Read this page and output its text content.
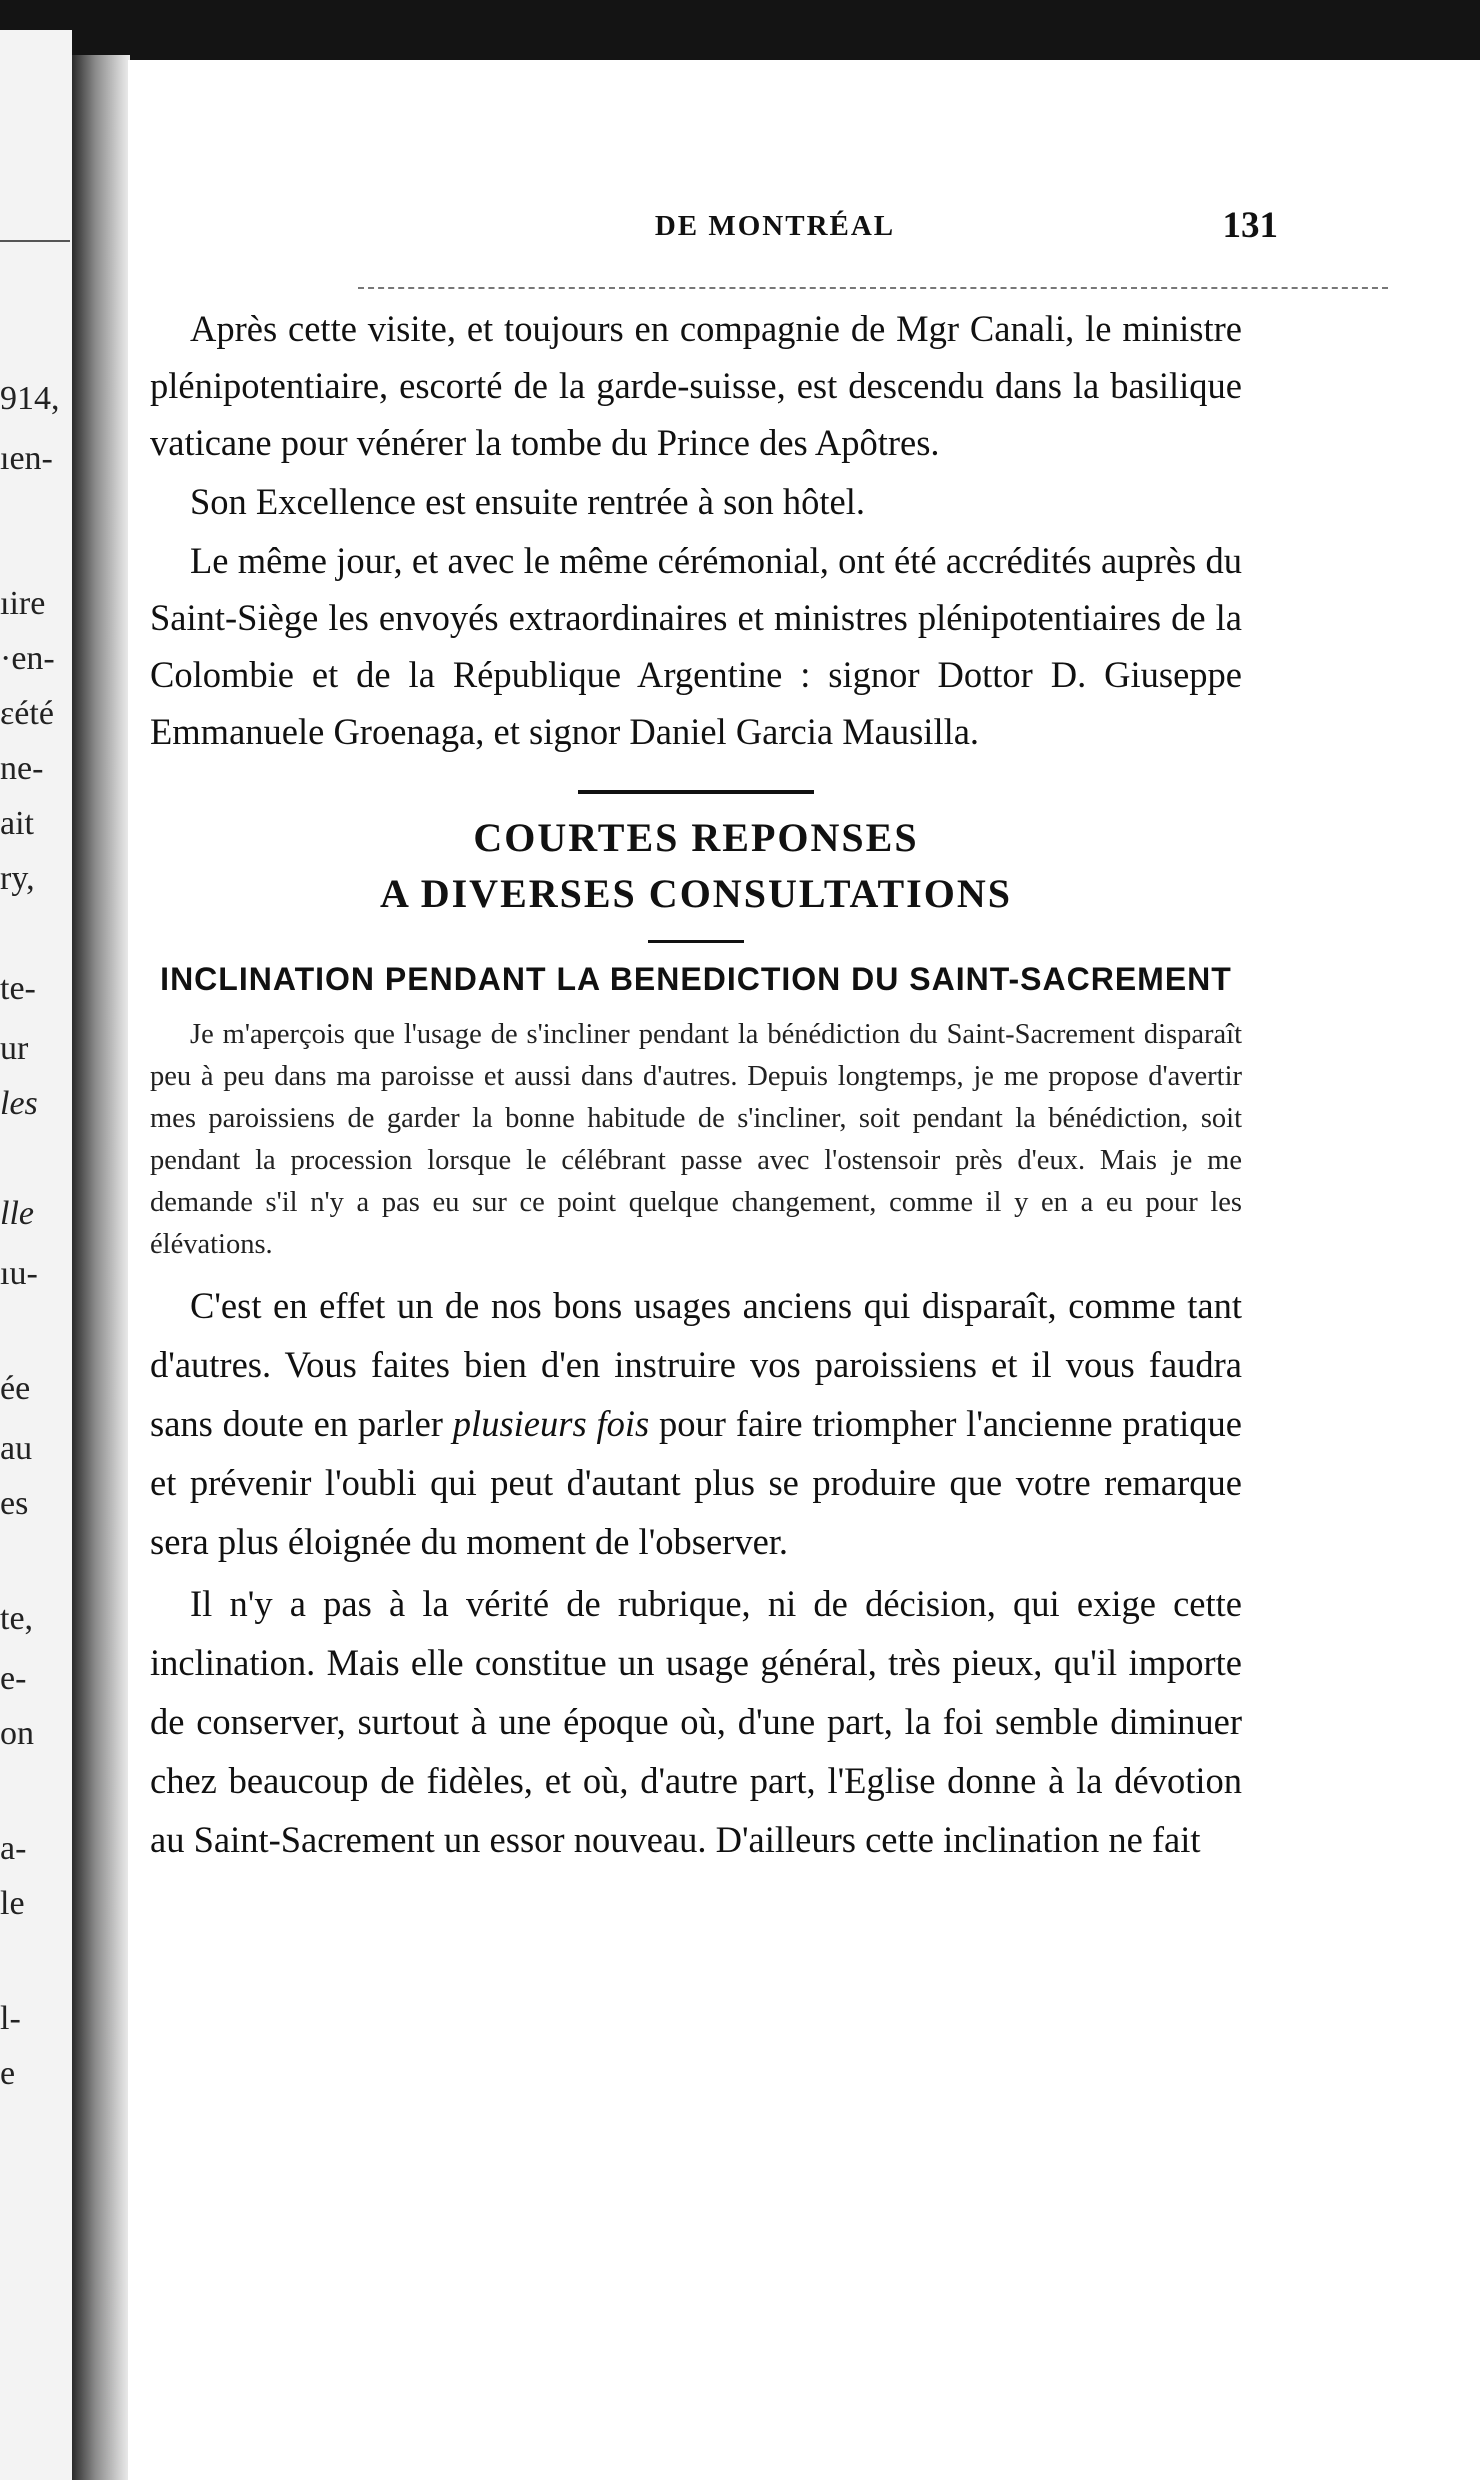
914,
ıen-
ıire
·en-
ɛété
ne-
ait
ry,
te-
ur
les
lle
ıu-
ée
au
es
te,
e-
on
a-
le
l-
e
DE MONTRÉAL	131

Après cette visite, et toujours en compagnie de Mgr Canali, le ministre plénipotentiaire, escorté de la garde-suisse, est descendu dans la basilique vaticane pour vénérer la tombe du Prince des Apôtres.

Son Excellence est ensuite rentrée à son hôtel.

Le même jour, et avec le même cérémonial, ont été accrédités auprès du Saint-Siège les envoyés extraordinaires et ministres plénipotentiaires de la Colombie et de la République Argentine : signor Dottor D. Giuseppe Emmanuele Groenaga, et signor Daniel Garcia Mausilla.

COURTES REPONSES
A DIVERSES CONSULTATIONS
INCLINATION PENDANT LA BENEDICTION DU SAINT-SACREMENT

Je m'aperçois que l'usage de s'incliner pendant la bénédiction du Saint-Sacrement disparaît peu à peu dans ma paroisse et aussi dans d'autres. Depuis longtemps, je me propose d'avertir mes paroissiens de garder la bonne habitude de s'incliner, soit pendant la bénédiction, soit pendant la procession lorsque le célébrant passe avec l'ostensoir près d'eux. Mais je me demande s'il n'y a pas eu sur ce point quelque changement, comme il y en a eu pour les élévations.

C'est en effet un de nos bons usages anciens qui disparaît, comme tant d'autres. Vous faites bien d'en instruire vos paroissiens et il vous faudra sans doute en parler plusieurs fois pour faire triompher l'ancienne pratique et prévenir l'oubli qui peut d'autant plus se produire que votre remarque sera plus éloignée du moment de l'observer.

Il n'y a pas à la vérité de rubrique, ni de décision, qui exige cette inclination. Mais elle constitue un usage général, très pieux, qu'il importe de conserver, surtout à une époque où, d'une part, la foi semble diminuer chez beaucoup de fidèles, et où, d'autre part, l'Eglise donne à la dévotion au Saint-Sacrement un essor nouveau. D'ailleurs cette inclination ne fait
